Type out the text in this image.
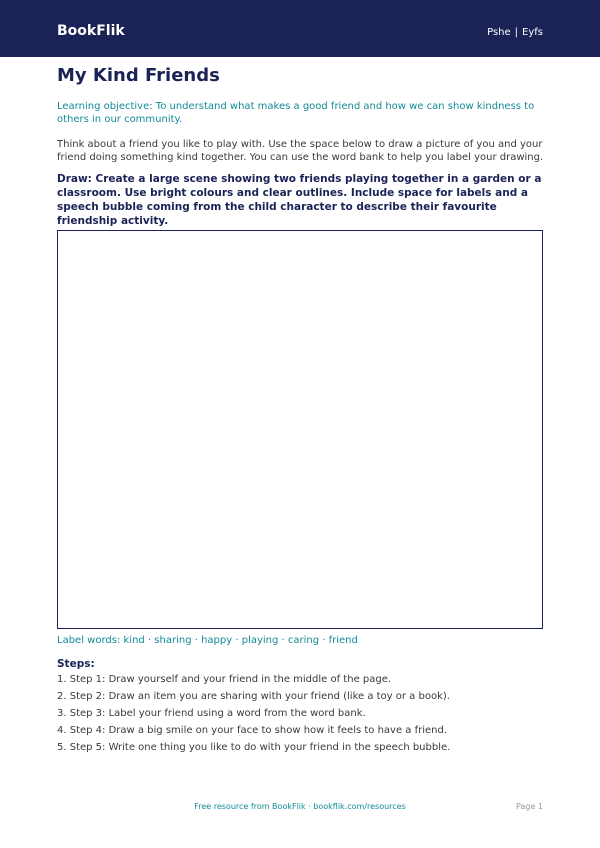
BookFlik	Pshe | Eyfs
My Kind Friends

Learning objective: To understand what makes a good friend and how we can show kindness to others in our community.

Think about a friend you like to play with. Use the space below to draw a picture of you and your friend doing something kind together. You can use the word bank to help you label your drawing.

Draw: Create a large scene showing two friends playing together in a garden or a classroom. Use bright colours and clear outlines. Include space for labels and a speech bubble coming from the child character to describe their favourite friendship activity.

Label words: kind · sharing · happy · playing · caring · friend

Steps:

1. Step 1: Draw yourself and your friend in the middle of the page.
2. Step 2: Draw an item you are sharing with your friend (like a toy or a book).
3. Step 3: Label your friend using a word from the word bank.
4. Step 4: Draw a big smile on your face to show how it feels to have a friend.
5. Step 5: Write one thing you like to do with your friend in the speech bubble.
Free resource from BookFlik · bookflik.com/resources	Page 1
